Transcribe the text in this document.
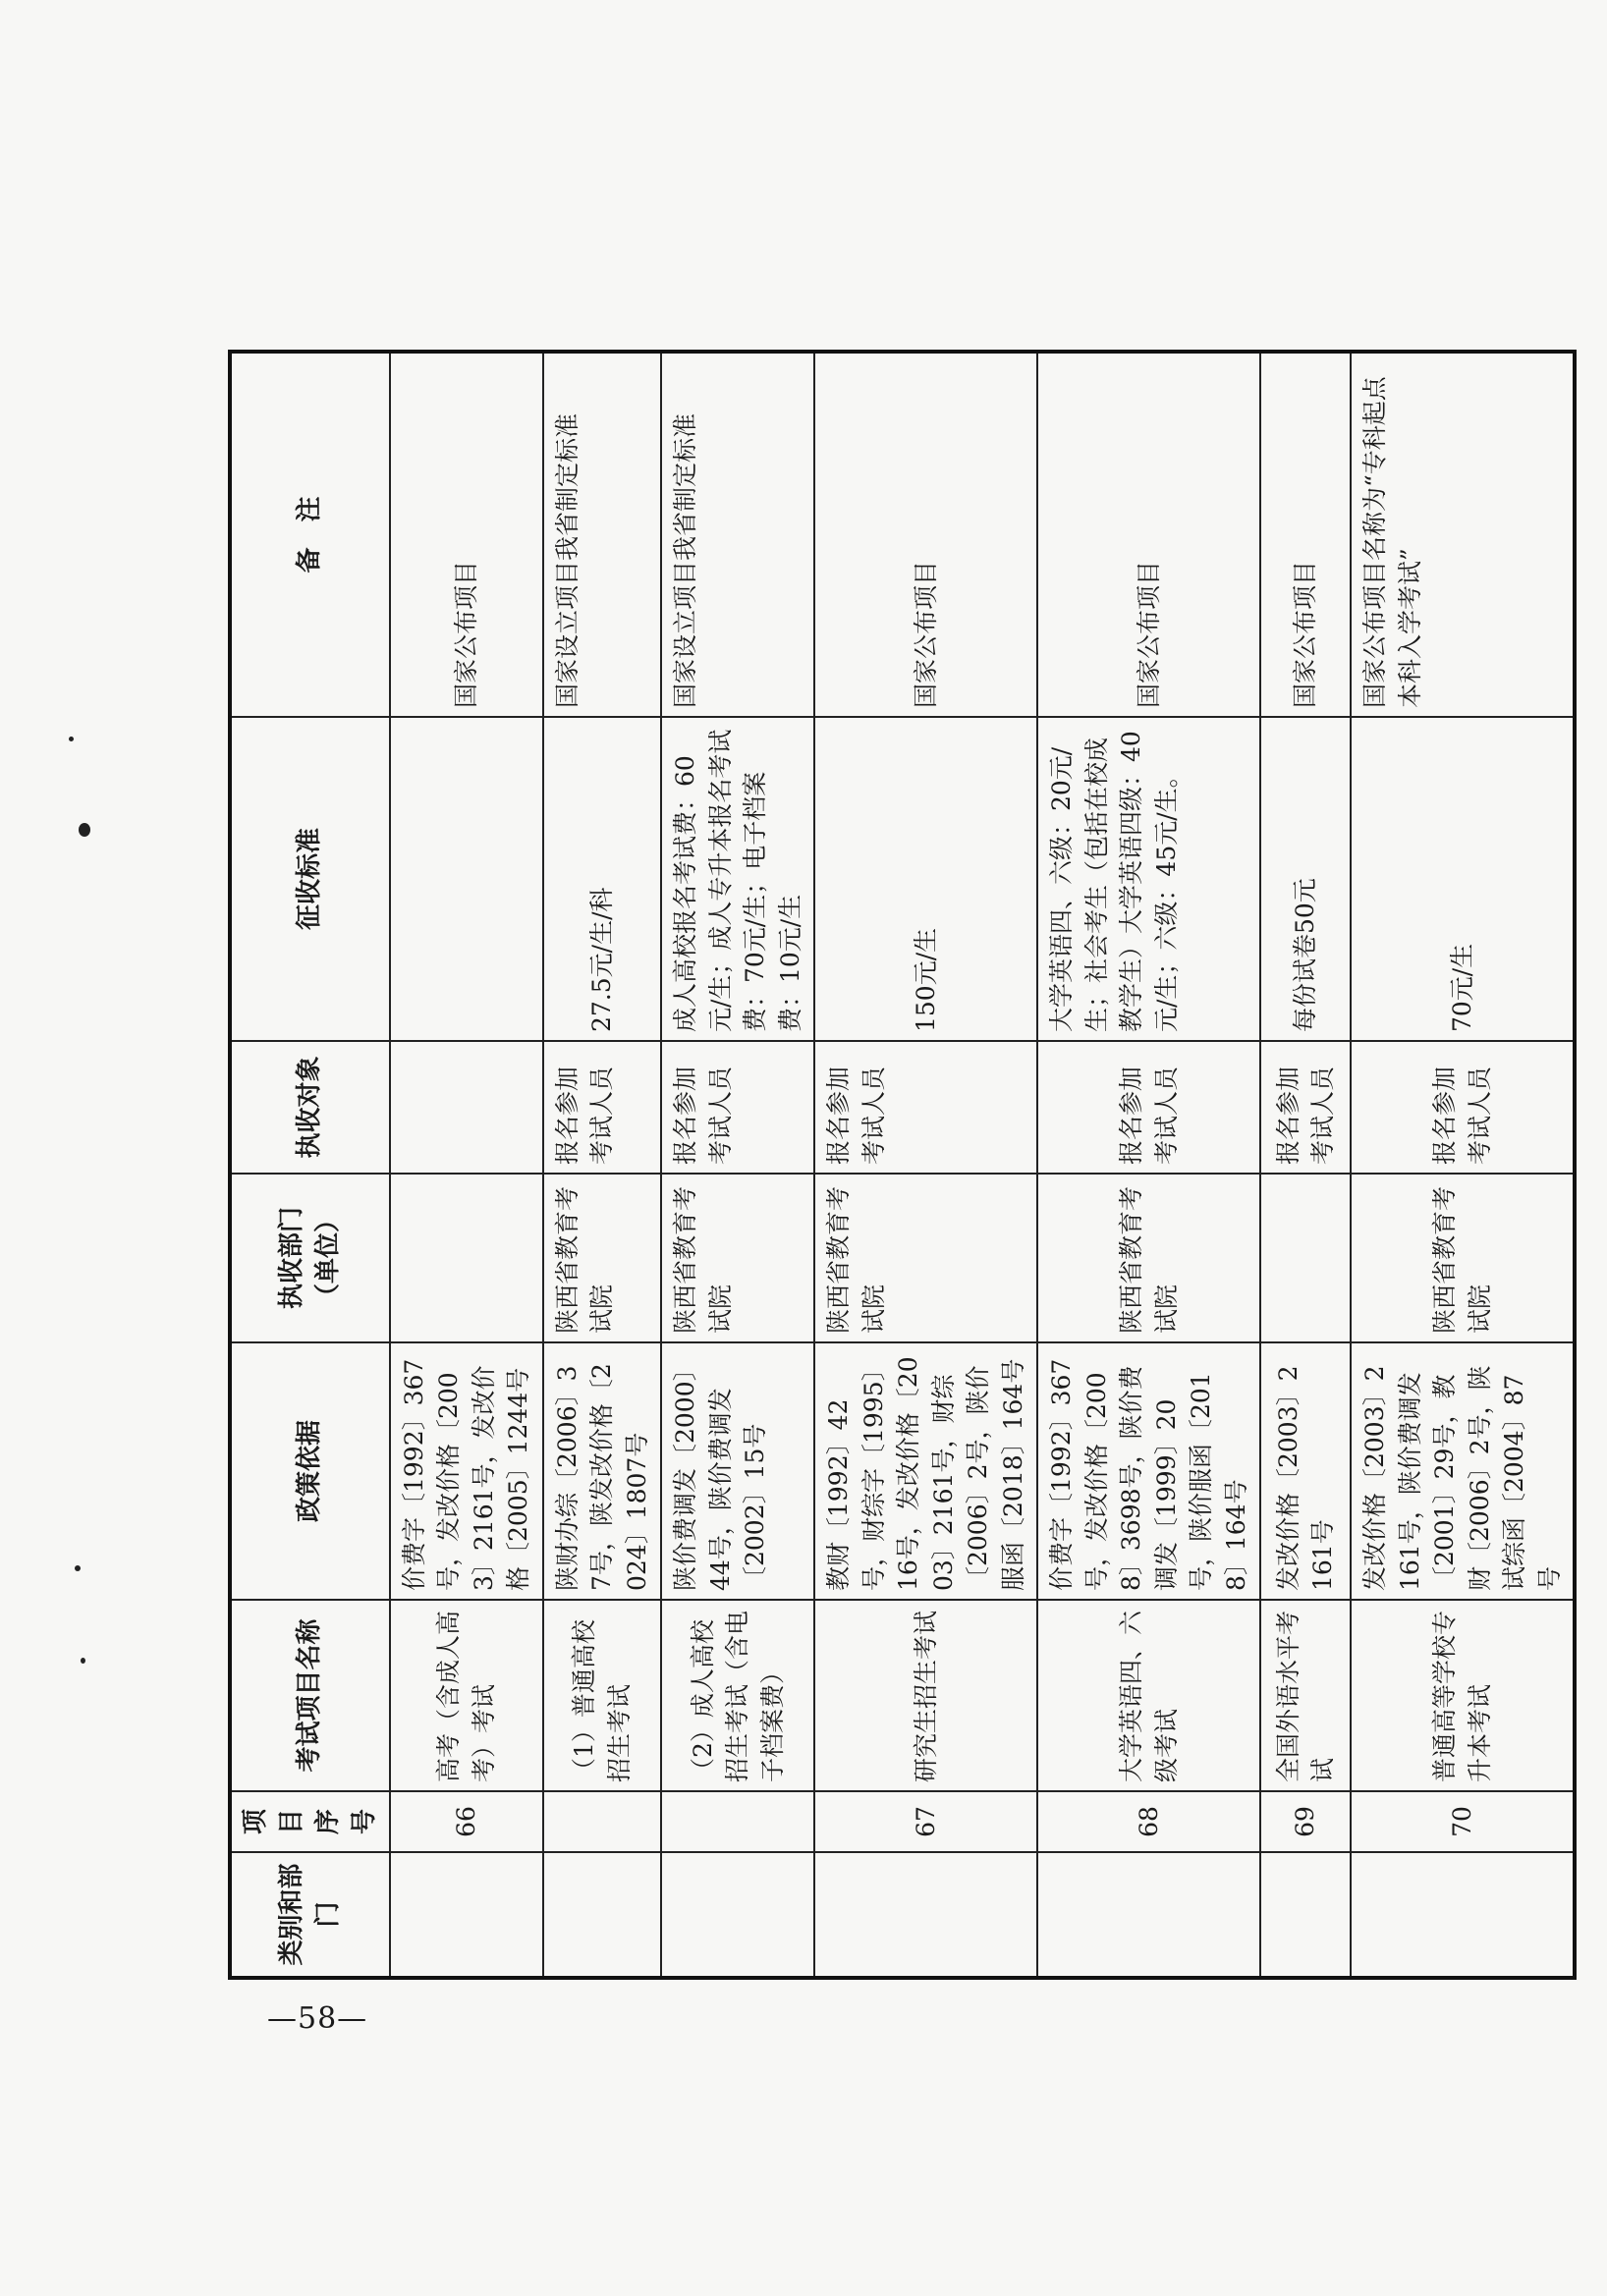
类别和部门	项目序号	考试项目名称	政策依据	执收部门（单位）	执收对象	征收标准	备　注
	66	高考（含成人高考）考试	价费字〔1992〕367号，发改价格〔2003〕2161号，发改价格〔2005〕1244号				国家公布项目
		（1）普通高校招生考试	陕财办综〔2006〕37号，陕发改价格〔2024〕1807号	陕西省教育考试院	报名参加考试人员	27.5元/生/科	国家设立项目我省制定标准
		（2）成人高校招生考试（含电子档案费）	陕价费调发〔2000〕44号，陕价费调发〔2002〕15号	陕西省教育考试院	报名参加考试人员	成人高校报名考试费：60元/生；成人专升本报名考试费：70元/生；电子档案费：10元/生	国家设立项目我省制定标准
	67	研究生招生考试	教财〔1992〕42号，财综字〔1995〕16号，发改价格〔2003〕2161号，财综〔2006〕2号，陕价服函〔2018〕164号	陕西省教育考试院	报名参加考试人员	150元/生	国家公布项目
	68	大学英语四、六级考试	价费字〔1992〕367号，发改价格〔2008〕3698号，陕价费调发〔1999〕20号，陕价服函〔2018〕164号	陕西省教育考试院	报名参加考试人员	大学英语四、六级：20元/生；社会考生（包括在校成教学生）大学英语四级：40元/生；六级：45元/生。	国家公布项目
	69	全国外语水平考试	发改价格〔2003〕2161号		报名参加考试人员	每份试卷50元	国家公布项目
	70	普通高等学校专升本考试	发改价格〔2003〕2161号，陕价费调发〔2001〕29号，教财〔2006〕2号，陕试综函〔2004〕87号	陕西省教育考试院	报名参加考试人员	70元/生	国家公布项目名称为“专科起点本科入学考试”
—58—
